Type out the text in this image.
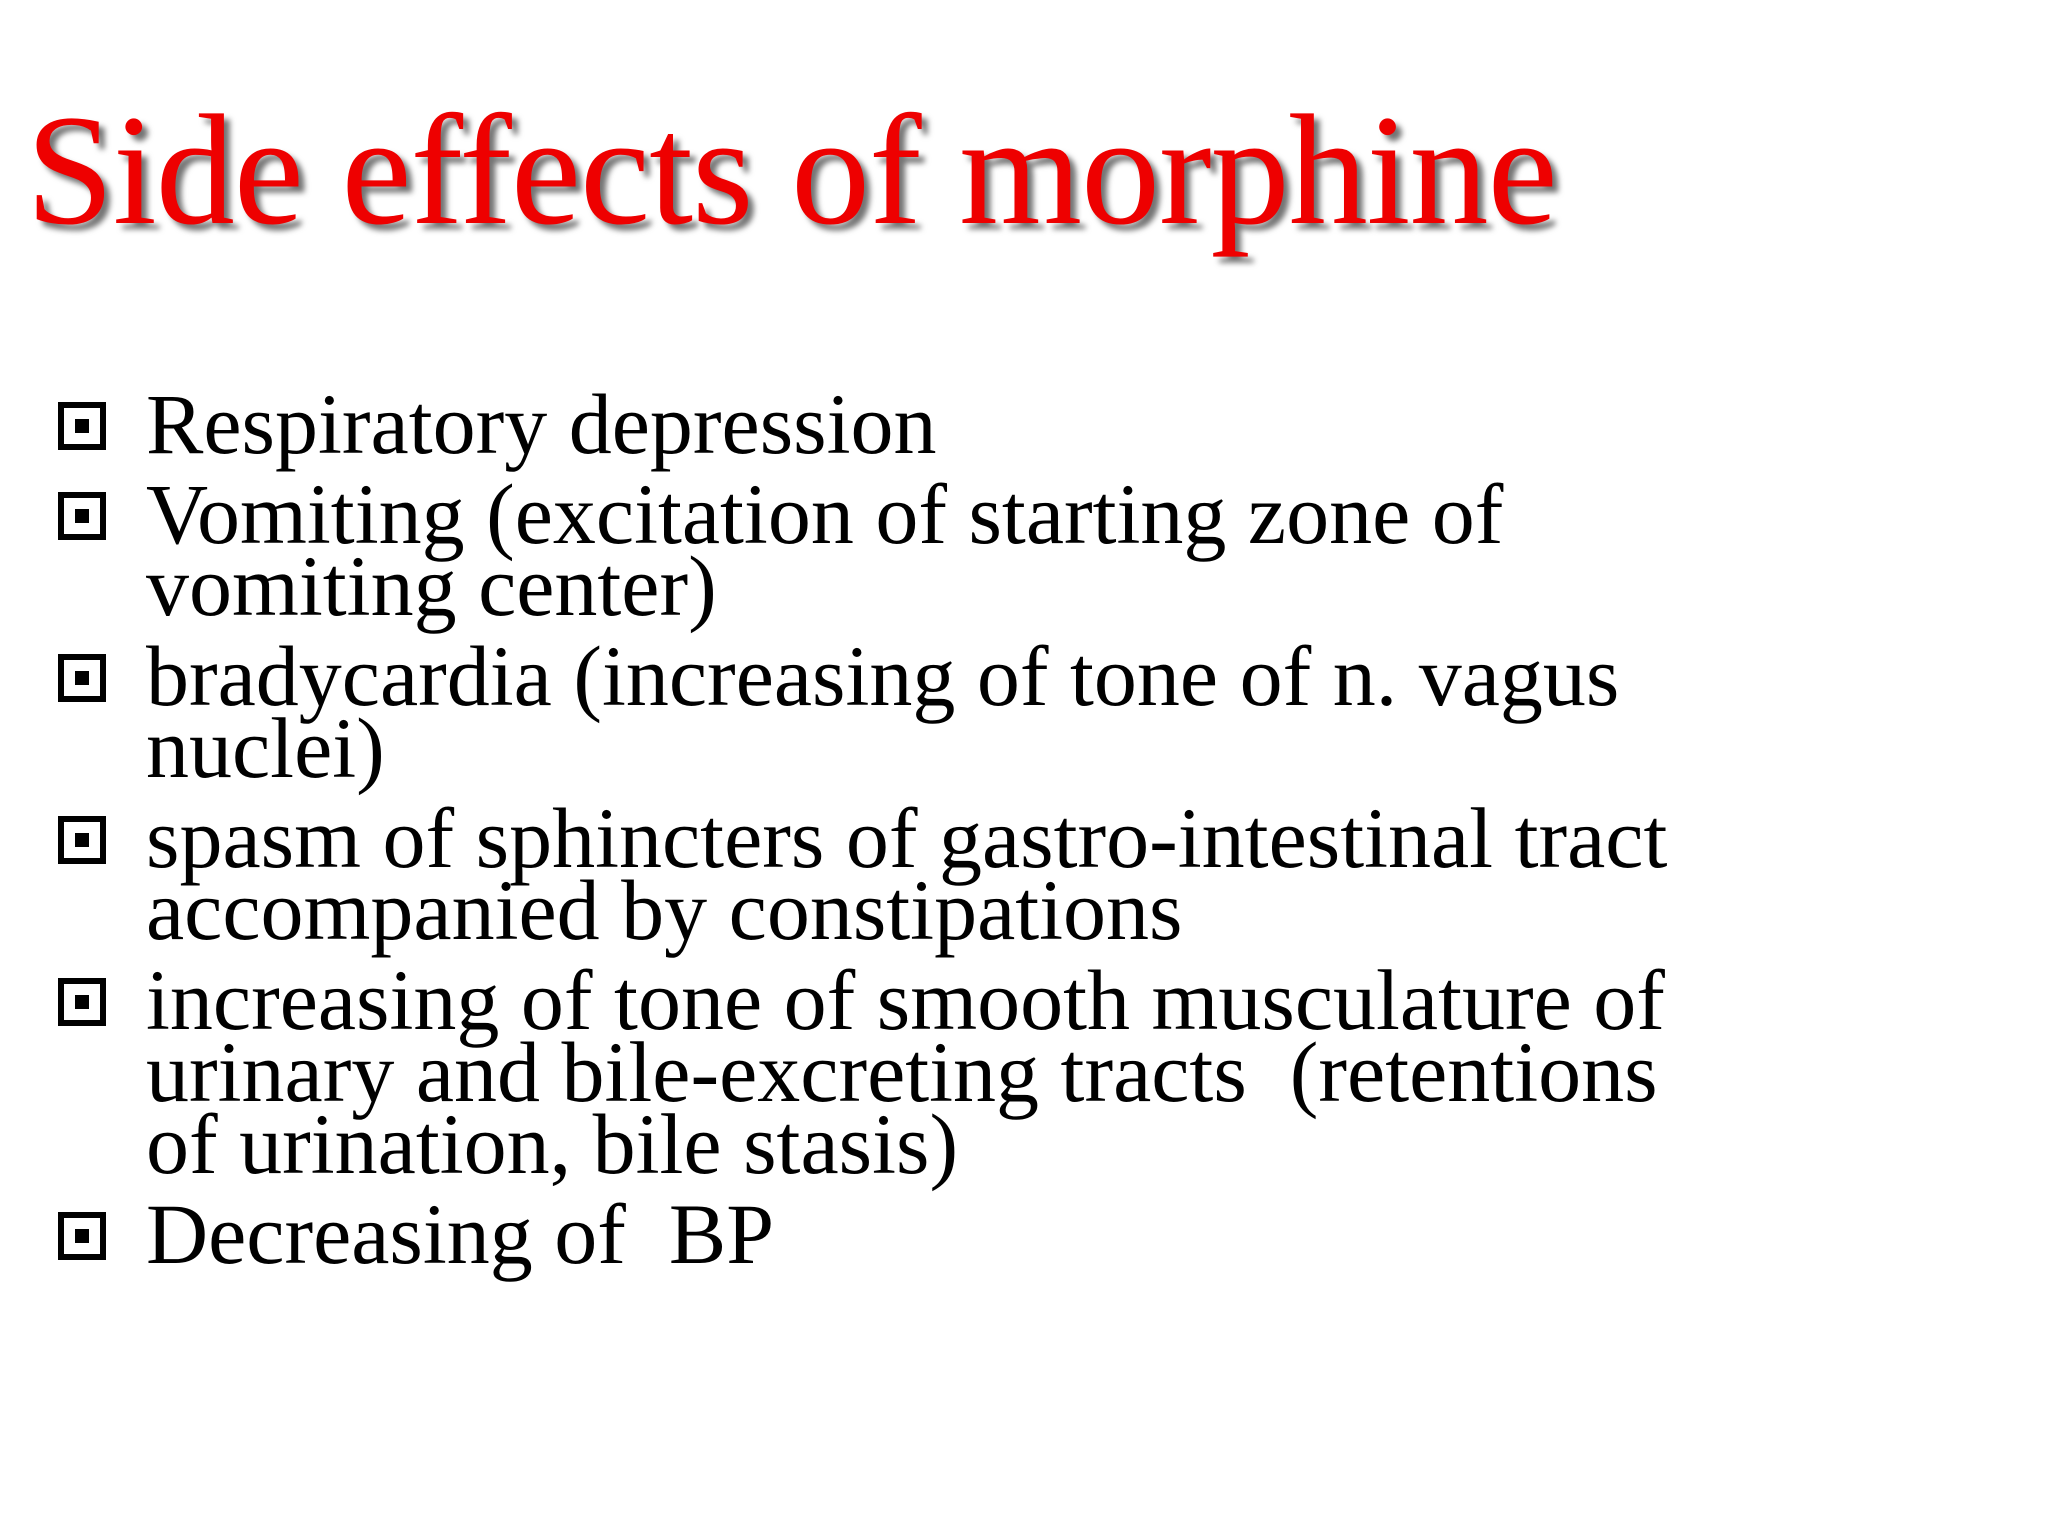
Side effects of morphine
Respiratory depression
Vomiting (excitation of starting zone of vomiting center)
bradycardia (increasing of tone of n. vagus nuclei)
spasm of sphincters of gastro-intestinal tract accompanied by constipations
increasing of tone of smooth musculature of urinary and bile-excreting tracts  (retentions of urination, bile stasis)
Decreasing of  BP
